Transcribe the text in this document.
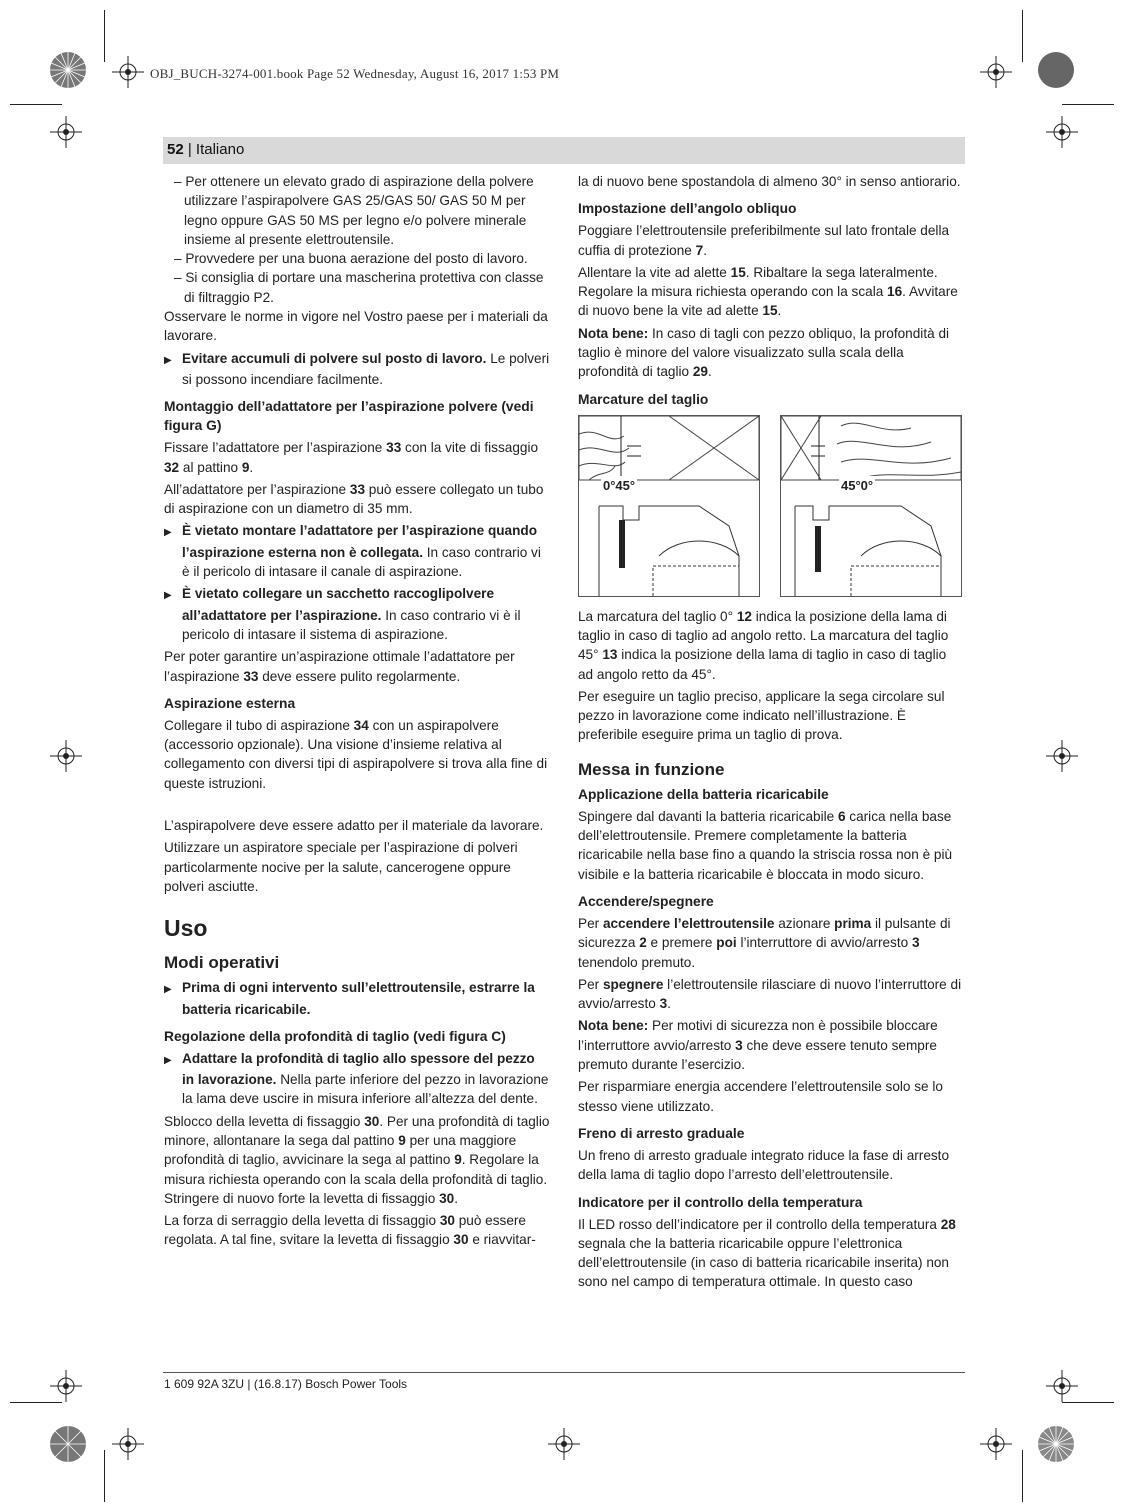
OBJ_BUCH-3274-001.book Page 52 Wednesday, August 16, 2017 1:53 PM
52 | Italiano

– Per ottenere un elevato grado di aspirazione della polvere utilizzare l’aspirapolvere GAS 25/GAS 50/ GAS 50 M per legno oppure GAS 50 MS per legno e/o polvere minerale insieme al presente elettroutensile.

– Provvedere per una buona aerazione del posto di lavoro.

– Si consiglia di portare una mascherina protettiva con classe di filtraggio P2.

Osservare le norme in vigore nel Vostro paese per i materiali da lavorare.

▶ Evitare accumuli di polvere sul posto di lavoro. Le polveri si possono incendiare facilmente.

Montaggio dell’adattatore per l’aspirazione polvere (vedi figura G)

Fissare l’adattatore per l’aspirazione 33 con la vite di fissaggio 32 al pattino 9.

All’adattatore per l’aspirazione 33 può essere collegato un tubo di aspirazione con un diametro di 35 mm.

▶ È vietato montare l’adattatore per l’aspirazione quando l’aspirazione esterna non è collegata. In caso contrario vi è il pericolo di intasare il canale di aspirazione.

▶ È vietato collegare un sacchetto raccoglipolvere all’adattatore per l’aspirazione. In caso contrario vi è il pericolo di intasare il sistema di aspirazione.

Per poter garantire un’aspirazione ottimale l’adattatore per l’aspirazione 33 deve essere pulito regolarmente.

Aspirazione esterna

Collegare il tubo di aspirazione 34 con un aspirapolvere (accessorio opzionale). Una visione d’insieme relativa al collegamento con diversi tipi di aspirapolvere si trova alla fine di queste istruzioni.

L’aspirapolvere deve essere adatto per il materiale da lavorare.

Utilizzare un aspiratore speciale per l’aspirazione di polveri particolarmente nocive per la salute, cancerogene oppure polveri asciutte.

Uso
Modi operativi

▶ Prima di ogni intervento sull’elettroutensile, estrarre la batteria ricaricabile.

Regolazione della profondità di taglio (vedi figura C)

▶ Adattare la profondità di taglio allo spessore del pezzo in lavorazione. Nella parte inferiore del pezzo in lavorazione la lama deve uscire in misura inferiore all’altezza del dente.

Sblocco della levetta di fissaggio 30. Per una profondità di taglio minore, allontanare la sega dal pattino 9 per una maggiore profondità di taglio, avvicinare la sega al pattino 9. Regolare la misura richiesta operando con la scala della profondità di taglio. Stringere di nuovo forte la levetta di fissaggio 30.

La forza di serraggio della levetta di fissaggio 30 può essere regolata. A tal fine, svitare la levetta di fissaggio 30 e riavvitar-

la di nuovo bene spostandola di almeno 30° in senso antiorario.

Impostazione dell’angolo obliquo

Poggiare l’elettroutensile preferibilmente sul lato frontale della cuffia di protezione 7.

Allentare la vite ad alette 15. Ribaltare la sega lateralmente. Regolare la misura richiesta operando con la scala 16. Avvitare di nuovo bene la vite ad alette 15.

Nota bene: In caso di tagli con pezzo obliquo, la profondità di taglio è minore del valore visualizzato sulla scala della profondità di taglio 29.

Marcature del taglio
0°45°	45°0°

La marcatura del taglio 0° 12 indica la posizione della lama di taglio in caso di taglio ad angolo retto. La marcatura del taglio 45° 13 indica la posizione della lama di taglio in caso di taglio ad angolo retto da 45°.

Per eseguire un taglio preciso, applicare la sega circolare sul pezzo in lavorazione come indicato nell’illustrazione. È preferibile eseguire prima un taglio di prova.

Messa in funzione
Applicazione della batteria ricaricabile

Spingere dal davanti la batteria ricaricabile 6 carica nella base dell’elettroutensile. Premere completamente la batteria ricaricabile nella base fino a quando la striscia rossa non è più visibile e la batteria ricaricabile è bloccata in modo sicuro.

Accendere/spegnere

Per accendere l’elettroutensile azionare prima il pulsante di sicurezza 2 e premere poi l’interruttore di avvio/arresto 3 tenendolo premuto.

Per spegnere l’elettroutensile rilasciare di nuovo l’interruttore di avvio/arresto 3.

Nota bene: Per motivi di sicurezza non è possibile bloccare l’interruttore avvio/arresto 3 che deve essere tenuto sempre premuto durante l’esercizio.

Per risparmiare energia accendere l’elettroutensile solo se lo stesso viene utilizzato.

Freno di arresto graduale

Un freno di arresto graduale integrato riduce la fase di arresto della lama di taglio dopo l’arresto dell’elettroutensile.

Indicatore per il controllo della temperatura

Il LED rosso dell’indicatore per il controllo della temperatura 28 segnala che la batteria ricaricabile oppure l’elettronica dell’elettroutensile (in caso di batteria ricaricabile inserita) non sono nel campo di temperatura ottimale. In questo caso

1 609 92A 3ZU | (16.8.17) Bosch Power Tools
